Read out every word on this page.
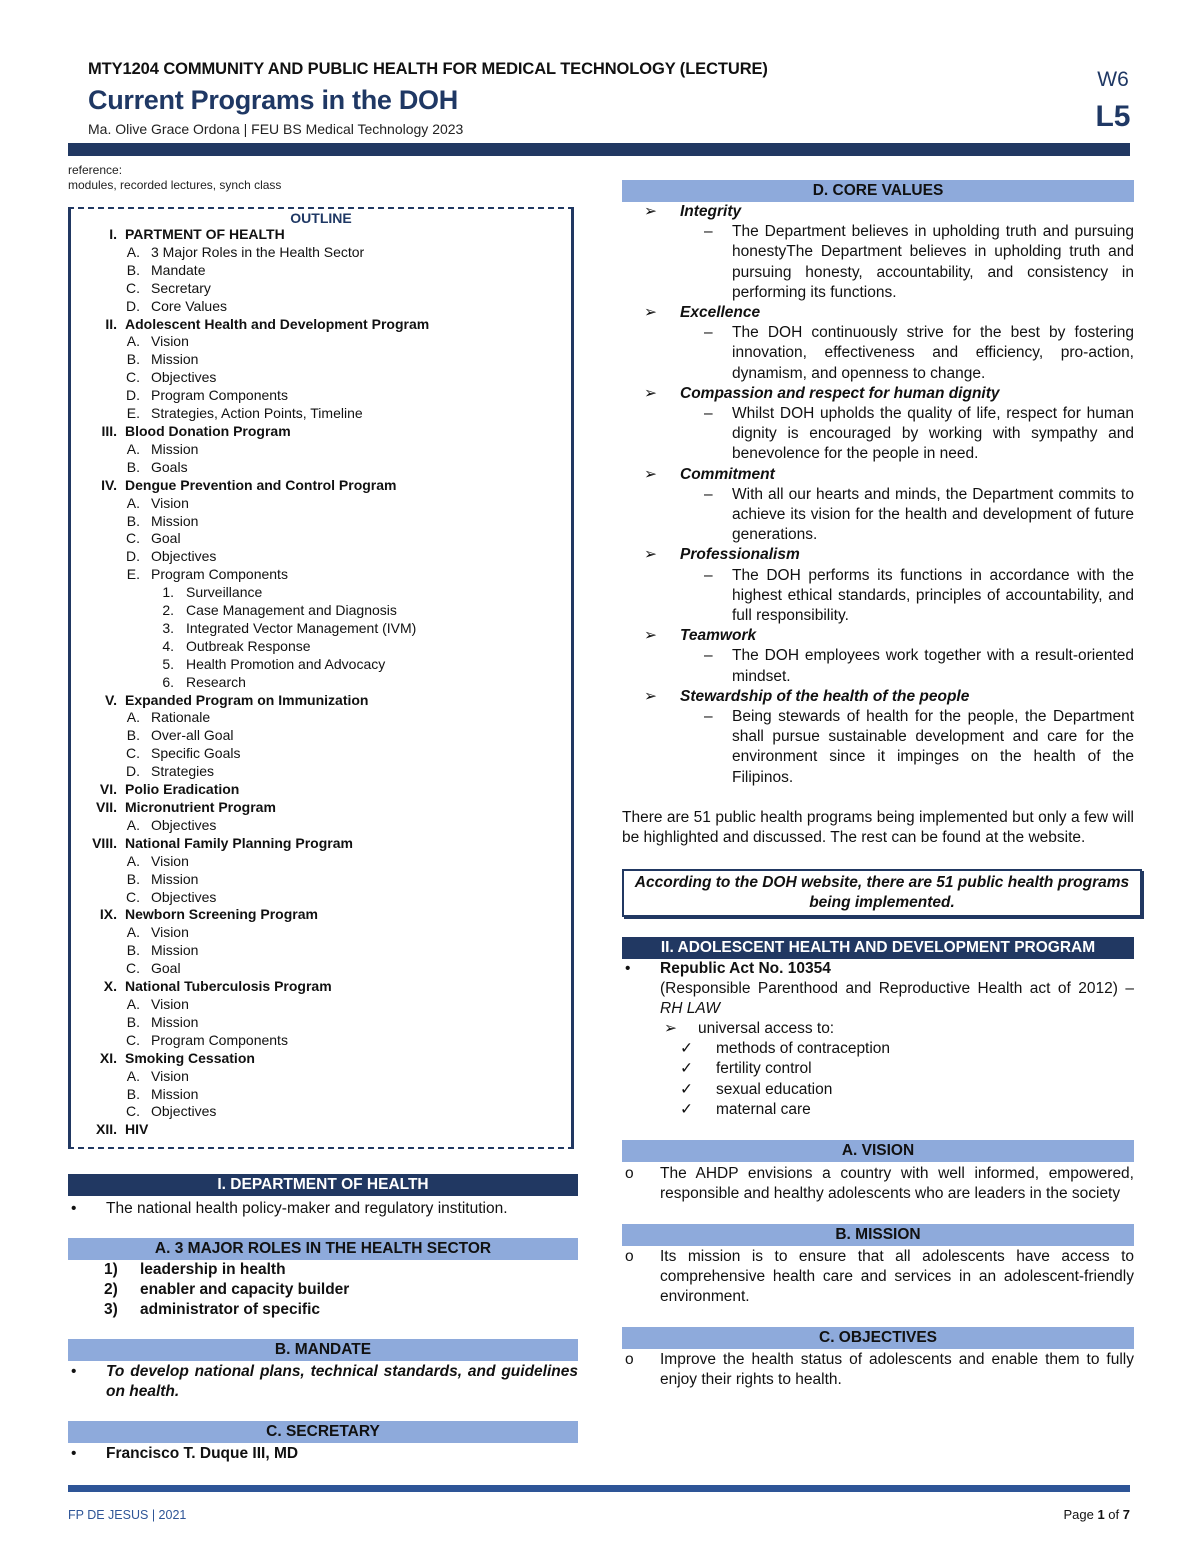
MTY1204 COMMUNITY AND PUBLIC HEALTH FOR MEDICAL TECHNOLOGY (LECTURE)
Current Programs in the DOH
Ma. Olive Grace Ordona | FEU BS Medical Technology 2023
W6
L5
reference:
modules, recorded lectures, synch class
OUTLINE
I. PARTMENT OF HEALTH
A. 3 Major Roles in the Health Sector
B. Mandate
C. Secretary
D. Core Values
II. Adolescent Health and Development Program
A. Vision
B. Mission
C. Objectives
D. Program Components
E. Strategies, Action Points, Timeline
III. Blood Donation Program
A. Mission
B. Goals
IV. Dengue Prevention and Control Program
A. Vision
B. Mission
C. Goal
D. Objectives
E. Program Components
1. Surveillance
2. Case Management and Diagnosis
3. Integrated Vector Management (IVM)
4. Outbreak Response
5. Health Promotion and Advocacy
6. Research
V. Expanded Program on Immunization
A. Rationale
B. Over-all Goal
C. Specific Goals
D. Strategies
VI. Polio Eradication
VII. Micronutrient Program
A. Objectives
VIII. National Family Planning Program
A. Vision
B. Mission
C. Objectives
IX. Newborn Screening Program
A. Vision
B. Mission
C. Goal
X. National Tuberculosis Program
A. Vision
B. Mission
C. Program Components
XI. Smoking Cessation
A. Vision
B. Mission
C. Objectives
XII. HIV
I. DEPARTMENT OF HEALTH
•	The national health policy-maker and regulatory institution.
A. 3 MAJOR ROLES IN THE HEALTH SECTOR
1)	leadership in health
2)	enabler and capacity builder
3)	administrator of specific
B. MANDATE
•	To develop national plans, technical standards, and guidelines on health.
C. SECRETARY
•	Francisco T. Duque III, MD
D. CORE VALUES
➢	Integrity
–	The Department believes in upholding truth and pursuing honestyThe Department believes in upholding truth and pursuing honesty, accountability, and consistency in performing its functions.
➢	Excellence
–	The DOH continuously strive for the best by fostering innovation, effectiveness and efficiency, pro-action, dynamism, and openness to change.
➢	Compassion and respect for human dignity
–	Whilst DOH upholds the quality of life, respect for human dignity is encouraged by working with sympathy and benevolence for the people in need.
➢	Commitment
–	With all our hearts and minds, the Department commits to achieve its vision for the health and development of future generations.
➢	Professionalism
–	The DOH performs its functions in accordance with the highest ethical standards, principles of accountability, and full responsibility.
➢	Teamwork
–	The DOH employees work together with a result-oriented mindset.
➢	Stewardship of the health of the people
–	Being stewards of health for the people, the Department shall pursue sustainable development and care for the environment since it impinges on the health of the Filipinos.
There are 51 public health programs being implemented but only a few will be highlighted and discussed. The rest can be found at the website.
According to the DOH website, there are 51 public health programs being implemented.
II. ADOLESCENT HEALTH AND DEVELOPMENT PROGRAM
•	Republic Act No. 10354
(Responsible Parenthood and Reproductive Health act of 2012) – RH LAW
➢	universal access to:
✓	methods of contraception
✓	fertility control
✓	sexual education
✓	maternal care
A. VISION
o	The AHDP envisions a country with well informed, empowered, responsible and healthy adolescents who are leaders in the society
B. MISSION
o	Its mission is to ensure that all adolescents have access to comprehensive health care and services in an adolescent-friendly environment.
C. OBJECTIVES
o	Improve the health status of adolescents and enable them to fully enjoy their rights to health.
FP DE JESUS | 2021	Page 1 of 7
